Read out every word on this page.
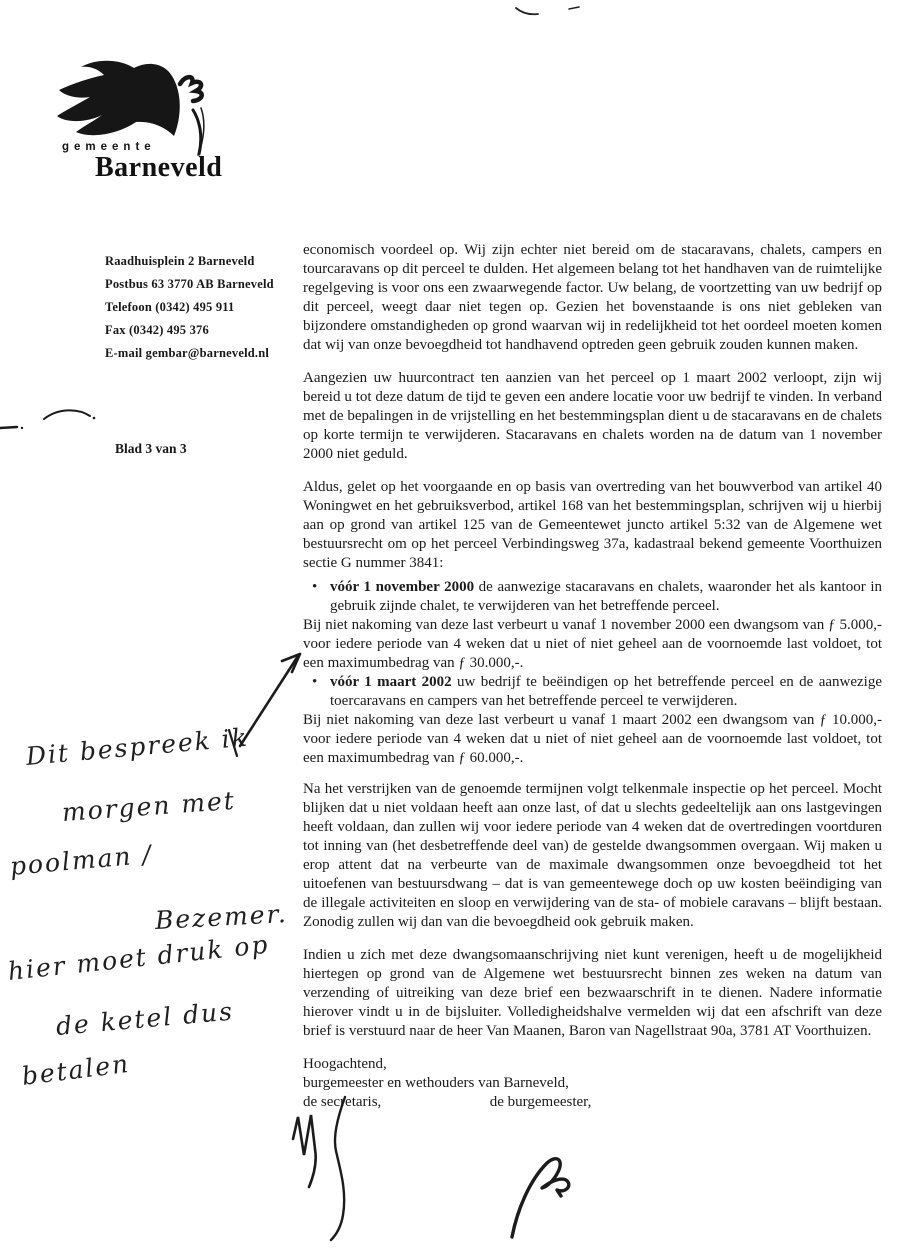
gemeente
Barneveld
Raadhuisplein 2 Barneveld
Postbus 63 3770 AB Barneveld
Telefoon (0342) 495 911
Fax (0342) 495 376
E-mail gembar@barneveld.nl
Blad 3 van 3

economisch voordeel op. Wij zijn echter niet bereid om de stacaravans, chalets, campers en tourcaravans op dit perceel te dulden. Het algemeen belang tot het handhaven van de ruimtelijke regelgeving is voor ons een zwaarwegende factor. Uw belang, de voortzetting van uw bedrijf op dit perceel, weegt daar niet tegen op. Gezien het bovenstaande is ons niet gebleken van bijzondere omstandigheden op grond waarvan wij in redelijkheid tot het oordeel moeten komen dat wij van onze bevoegdheid tot handhavend optreden geen gebruik zouden kunnen maken.

Aangezien uw huurcontract ten aanzien van het perceel op 1 maart 2002 verloopt, zijn wij bereid u tot deze datum de tijd te geven een andere locatie voor uw bedrijf te vinden. In verband met de bepalingen in de vrijstelling en het bestemmingsplan dient u de stacaravans en de chalets op korte termijn te verwijderen. Stacaravans en chalets worden na de datum van 1 november 2000 niet geduld.

Aldus, gelet op het voorgaande en op basis van overtreding van het bouwverbod van artikel 40 Woningwet en het gebruiksverbod, artikel 168 van het bestemmingsplan, schrijven wij u hierbij aan op grond van artikel 125 van de Gemeentewet juncto artikel 5:32 van de Algemene wet bestuursrecht om op het perceel Verbindingsweg 37a, kadastraal bekend gemeente Voorthuizen sectie G nummer 3841:

• vóór 1 november 2000 de aanwezige stacaravans en chalets, waaronder het als kantoor in gebruik zijnde chalet, te verwijderen van het betreffende perceel.

Bij niet nakoming van deze last verbeurt u vanaf 1 november 2000 een dwangsom van ƒ 5.000,- voor iedere periode van 4 weken dat u niet of niet geheel aan de voornoemde last voldoet, tot een maximumbedrag van ƒ 30.000,-.

• vóór 1 maart 2002 uw bedrijf te beëindigen op het betreffende perceel en de aanwezige toercaravans en campers van het betreffende perceel te verwijderen.

Bij niet nakoming van deze last verbeurt u vanaf 1 maart 2002 een dwangsom van ƒ 10.000,- voor iedere periode van 4 weken dat u niet of niet geheel aan de voornoemde last voldoet, tot een maximumbedrag van ƒ 60.000,-.

Na het verstrijken van de genoemde termijnen volgt telkenmale inspectie op het perceel. Mocht blijken dat u niet voldaan heeft aan onze last, of dat u slechts gedeeltelijk aan ons lastgevingen heeft voldaan, dan zullen wij voor iedere periode van 4 weken dat de overtredingen voortduren tot inning van (het desbetreffende deel van) de gestelde dwangsommen overgaan. Wij maken u erop attent dat na verbeurte van de maximale dwangsommen onze bevoegdheid tot het uitoefenen van bestuursdwang – dat is van gemeentewege doch op uw kosten beëindiging van de illegale activiteiten en sloop en verwijdering van de sta- of mobiele caravans – blijft bestaan. Zonodig zullen wij dan van die bevoegdheid ook gebruik maken.

Indien u zich met deze dwangsomaanschrijving niet kunt verenigen, heeft u de mogelijkheid hiertegen op grond van de Algemene wet bestuursrecht binnen zes weken na datum van verzending of uitreiking van deze brief een bezwaarschrift in te dienen. Nadere informatie hierover vindt u in de bijsluiter. Volledigheidshalve vermelden wij dat een afschrift van deze brief is verstuurd naar de heer Van Maanen, Baron van Nagellstraat 90a, 3781 AT Voorthuizen.

Hoogachtend,
burgemeester en wethouders van Barneveld,
de secretaris,	de burgemeester,
Dit bespreek ik
morgen met
poolman /
Bezemer.
hier moet druk op
de ketel dus
betalen
